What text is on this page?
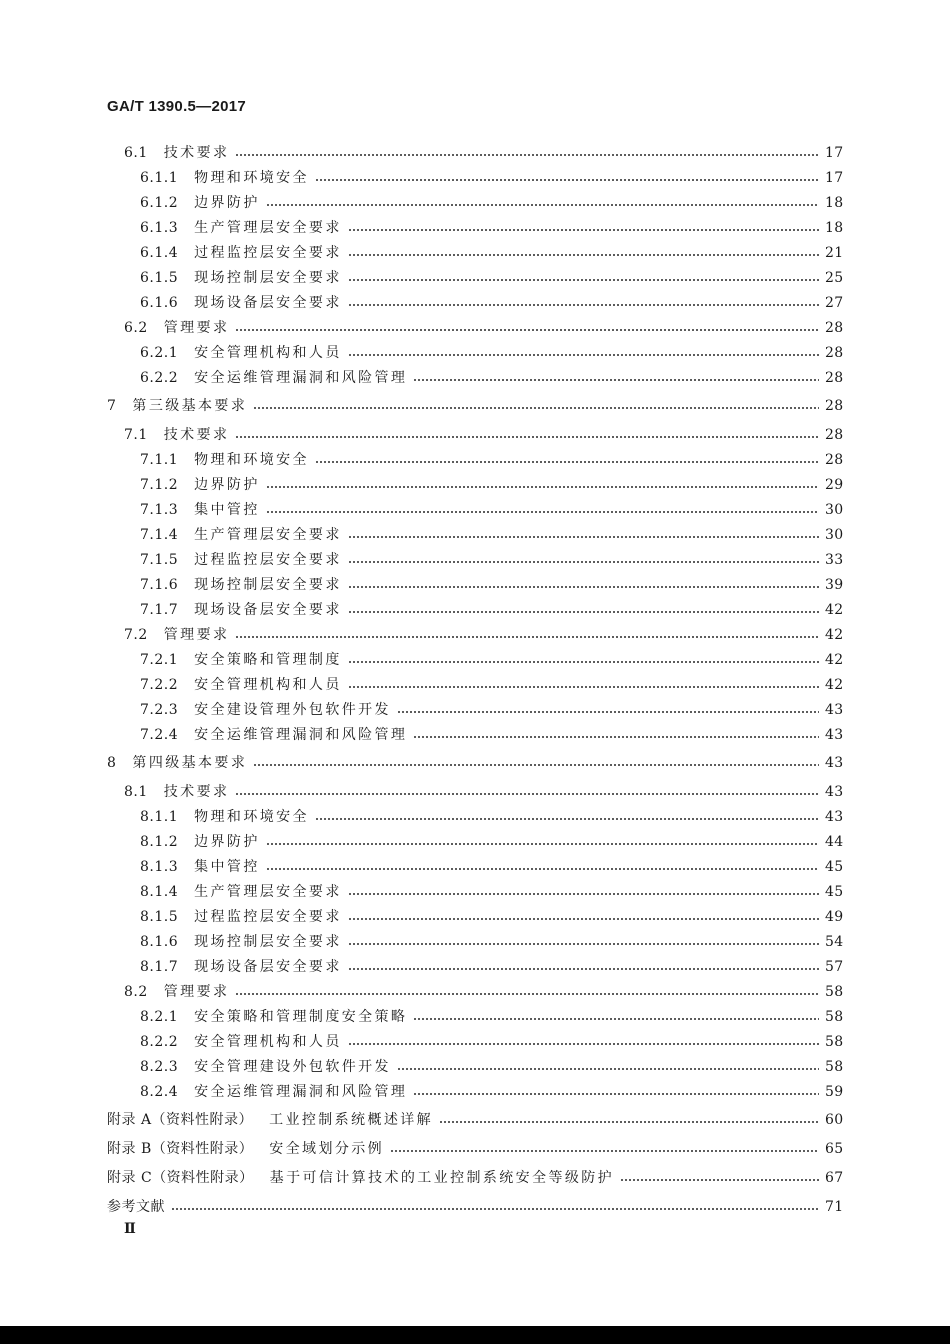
GA/T 1390.5—2017
6.1 技术要求	17
6.1.1 物理和环境安全	17
6.1.2 边界防护	18
6.1.3 生产管理层安全要求	18
6.1.4 过程监控层安全要求	21
6.1.5 现场控制层安全要求	25
6.1.6 现场设备层安全要求	27
6.2 管理要求	28
6.2.1 安全管理机构和人员	28
6.2.2 安全运维管理漏洞和风险管理	28
7 第三级基本要求	28
7.1 技术要求	28
7.1.1 物理和环境安全	28
7.1.2 边界防护	29
7.1.3 集中管控	30
7.1.4 生产管理层安全要求	30
7.1.5 过程监控层安全要求	33
7.1.6 现场控制层安全要求	39
7.1.7 现场设备层安全要求	42
7.2 管理要求	42
7.2.1 安全策略和管理制度	42
7.2.2 安全管理机构和人员	42
7.2.3 安全建设管理外包软件开发	43
7.2.4 安全运维管理漏洞和风险管理	43
8 第四级基本要求	43
8.1 技术要求	43
8.1.1 物理和环境安全	43
8.1.2 边界防护	44
8.1.3 集中管控	45
8.1.4 生产管理层安全要求	45
8.1.5 过程监控层安全要求	49
8.1.6 现场控制层安全要求	54
8.1.7 现场设备层安全要求	57
8.2 管理要求	58
8.2.1 安全策略和管理制度安全策略	58
8.2.2 安全管理机构和人员	58
8.2.3 安全管理建设外包软件开发	58
8.2.4 安全运维管理漏洞和风险管理	59
附录 A（资料性附录） 工业控制系统概述详解	60
附录 B（资料性附录） 安全域划分示例	65
附录 C（资料性附录） 基于可信计算技术的工业控制系统安全等级防护	67
参考文献	71
Ⅱ
